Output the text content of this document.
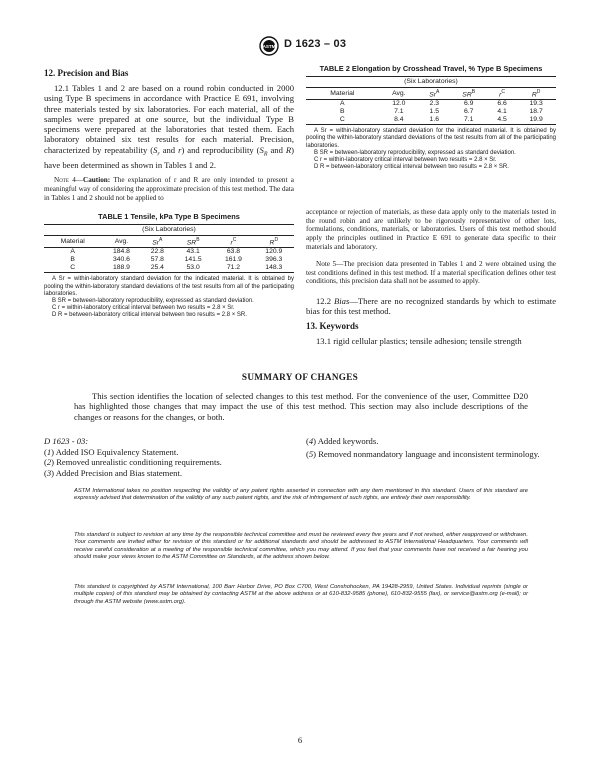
ASTM D 1623 – 03
12. Precision and Bias
12.1 Tables 1 and 2 are based on a round robin conducted in 2000 using Type B specimens in accordance with Practice E 691, involving three materials tested by six laboratories. For each material, all of the samples were prepared at one source, but the individual Type B specimens were prepared at the laboratories that tested them. Each laboratory obtained six test results for each material. Precision, characterized by repeatability ($S_r$ and r) and reproducibility ($S_R$ and R) have been determined as shown in Tables 1 and 2.
Note 4—Caution: The explanation of r and R are only intended to present a meaningful way of considering the approximate precision of this test method. The data in Tables 1 and 2 should not be applied to
TABLE 1 Tensile, kPa Type B Specimens
(Six Laboratories)					
Material	Avg.	$Sr^A$	$SR^B$	$r^C$	$R^D$
A	184.8	22.8	43.1	63.8	120.9
B	340.6	57.8	141.5	161.9	396.3
C	188.9	25.4	53.0	71.2	148.3
A Sr = within-laboratory standard deviation for the indicated material. It is obtained by pooling the within-laboratory standard deviations of the test results from all of the participating laboratories.
B SR = between-laboratory reproducibility, expressed as standard deviation.
C r = within-laboratory critical interval between two results = 2.8 × Sr.
D R = between-laboratory critical interval between two results = 2.8 × SR.
TABLE 2 Elongation by Crosshead Travel, % Type B Specimens
(Six Laboratories)					
Material	Avg.	$Sr^A$	$SR^B$	$r^C$	$R^D$
A	12.0	2.3	6.9	6.6	19.3
B	7.1	1.5	6.7	4.1	18.7
C	8.4	1.6	7.1	4.5	19.9
A Sr = within-laboratory standard deviation for the indicated material. It is obtained by pooling the within-laboratory standard deviations of the test results from all of the participating laboratories.
B SR = between-laboratory reproducibility, expressed as standard deviation.
C r = within-laboratory critical interval between two results = 2.8 × Sr.
D R = between-laboratory critical interval between two results = 2.8 × SR.
acceptance or rejection of materials, as these data apply only to the materials tested in the round robin and are unlikely to be rigorously representative of other lots, formulations, conditions, materials, or laboratories. Users of this test method should apply the principles outlined in Practice E 691 to generate data specific to their materials and laboratory.
Note 5—The precision data presented in Tables 1 and 2 were obtained using the test conditions defined in this test method. If a material specification defines other test conditions, this precision data shall not be assumed to apply.
12.2 Bias—There are no recognized standards by which to estimate bias for this test method.
13. Keywords
13.1 rigid cellular plastics; tensile adhesion; tensile strength
SUMMARY OF CHANGES
This section identifies the location of selected changes to this test method. For the convenience of the user, Committee D20 has highlighted those changes that may impact the use of this test method. This section may also include descriptions of the changes or reasons for the changes, or both.
D 1623 - 03:
(1) Added ISO Equivalency Statement.
(2) Removed unrealistic conditioning requirements.
(3) Added Precision and Bias statement.
(4) Added keywords.
(5) Removed nonmandatory language and inconsistent terminology.
ASTM International takes no position respecting the validity of any patent rights asserted in connection with any item mentioned in this standard. Users of this standard are expressly advised that determination of the validity of any such patent rights, and the risk of infringement of such rights, are entirely their own responsibility.
This standard is subject to revision at any time by the responsible technical committee and must be reviewed every five years and if not revised, either reapproved or withdrawn. Your comments are invited either for revision of this standard or for additional standards and should be addressed to ASTM International Headquarters. Your comments will receive careful consideration at a meeting of the responsible technical committee, which you may attend. If you feel that your comments have not received a fair hearing you should make your views known to the ASTM Committee on Standards, at the address shown below.
This standard is copyrighted by ASTM International, 100 Barr Harbor Drive, PO Box C700, West Conshohocken, PA 19428-2959, United States. Individual reprints (single or multiple copies) of this standard may be obtained by contacting ASTM at the above address or at 610-832-9585 (phone), 610-832-9555 (fax), or service@astm.org (e-mail); or through the ASTM website (www.astm.org).
6
